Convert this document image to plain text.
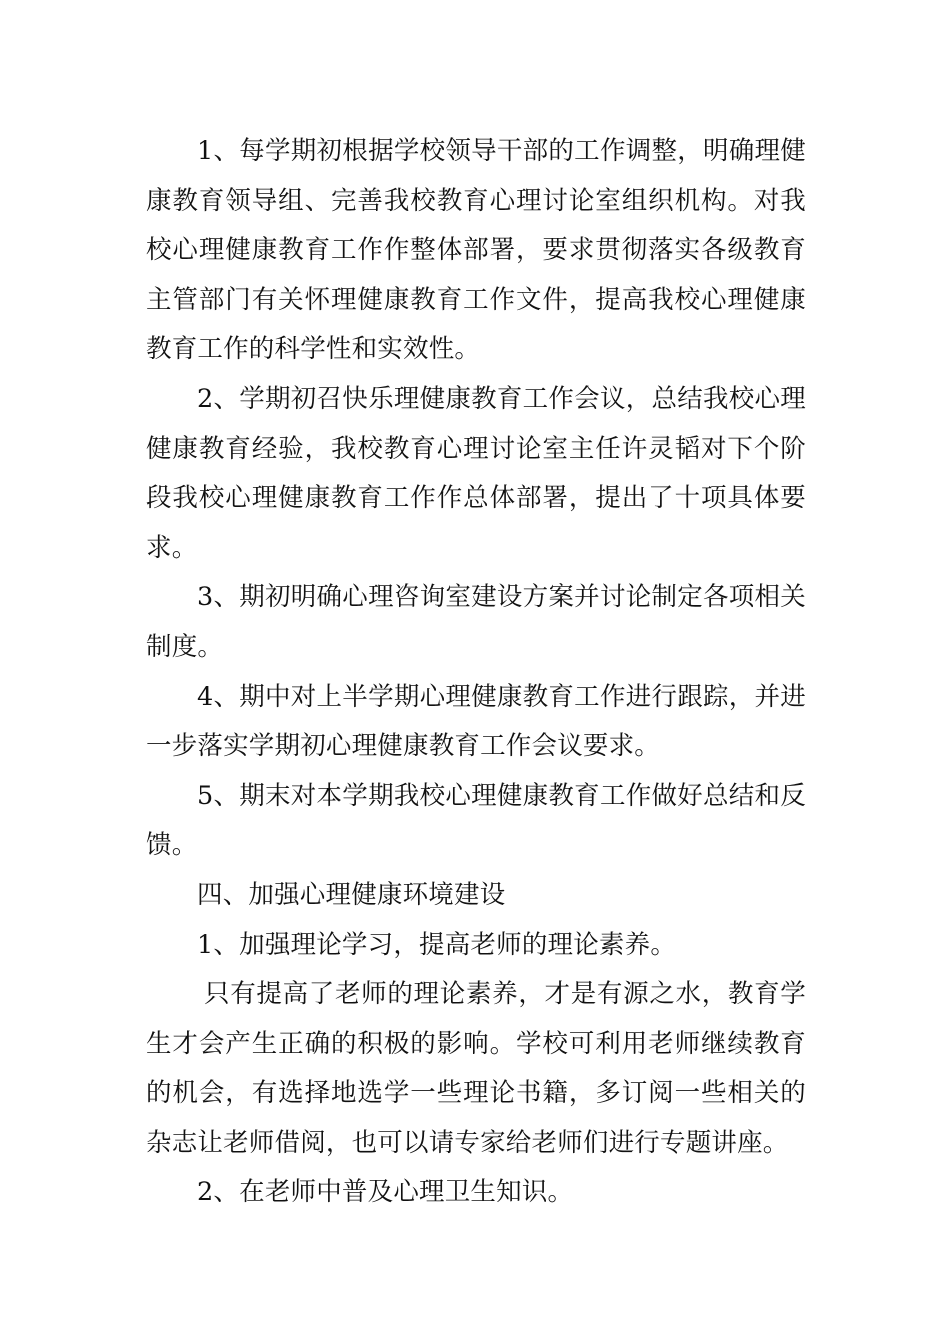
1、每学期初根据学校领导干部的工作调整，明确理健康教育领导组、完善我校教育心理讨论室组织机构。对我校心理健康教育工作作整体部署，要求贯彻落实各级教育主管部门有关怀理健康教育工作文件，提高我校心理健康教育工作的科学性和实效性。

2、学期初召快乐理健康教育工作会议，总结我校心理健康教育经验，我校教育心理讨论室主任许灵韬对下个阶段我校心理健康教育工作作总体部署，提出了十项具体要求。

3、期初明确心理咨询室建设方案并讨论制定各项相关制度。

4、期中对上半学期心理健康教育工作进行跟踪，并进一步落实学期初心理健康教育工作会议要求。

5、期末对本学期我校心理健康教育工作做好总结和反馈。

四、加强心理健康环境建设

1、加强理论学习，提高老师的理论素养。

只有提高了老师的理论素养，才是有源之水，教育学生才会产生正确的积极的影响。学校可利用老师继续教育的机会，有选择地选学一些理论书籍，多订阅一些相关的杂志让老师借阅，也可以请专家给老师们进行专题讲座。

2、在老师中普及心理卫生知识。
